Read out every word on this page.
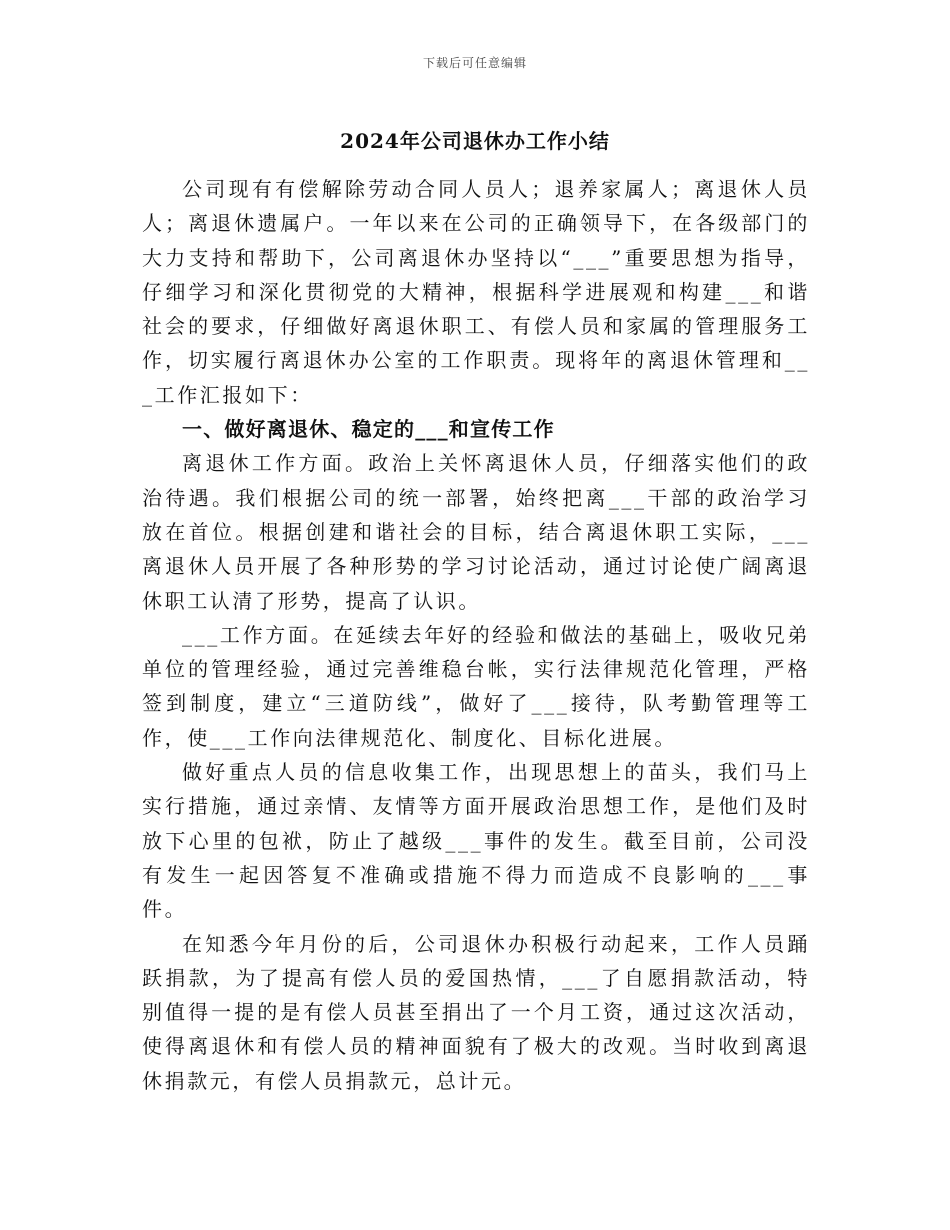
下载后可任意编辑
2024年公司退休办工作小结

公司现有有偿解除劳动合同人员人；退养家属人；离退休人员人；离退休遗属户。一年以来在公司的正确领导下，在各级部门的大力支持和帮助下，公司离退休办坚持以“___”重要思想为指导，仔细学习和深化贯彻党的大精神，根据科学进展观和构建___和谐社会的要求，仔细做好离退休职工、有偿人员和家属的管理服务工作，切实履行离退休办公室的工作职责。现将年的离退休管理和___工作汇报如下：

一、做好离退休、稳定的___和宣传工作

离退休工作方面。政治上关怀离退休人员，仔细落实他们的政治待遇。我们根据公司的统一部署，始终把离___干部的政治学习放在首位。根据创建和谐社会的目标，结合离退休职工实际，___离退休人员开展了各种形势的学习讨论活动，通过讨论使广阔离退休职工认清了形势，提高了认识。

___工作方面。在延续去年好的经验和做法的基础上，吸收兄弟单位的管理经验，通过完善维稳台帐，实行法律规范化管理，严格签到制度，建立“三道防线”，做好了___接待，队考勤管理等工作，使___工作向法律规范化、制度化、目标化进展。

做好重点人员的信息收集工作，出现思想上的苗头，我们马上实行措施，通过亲情、友情等方面开展政治思想工作，是他们及时放下心里的包袱，防止了越级___事件的发生。截至目前，公司没有发生一起因答复不准确或措施不得力而造成不良影响的___事件。

在知悉今年月份的后，公司退休办积极行动起来，工作人员踊跃捐款，为了提高有偿人员的爱国热情，___了自愿捐款活动，特别值得一提的是有偿人员甚至捐出了一个月工资，通过这次活动，使得离退休和有偿人员的精神面貌有了极大的改观。当时收到离退休捐款元，有偿人员捐款元，总计元。
